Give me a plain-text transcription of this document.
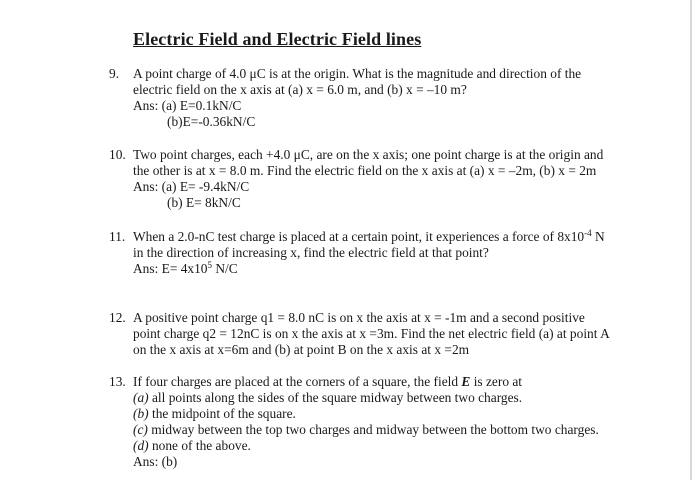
Electric Field and Electric Field lines
9. A point charge of 4.0 μC is at the origin. What is the magnitude and direction of the
electric field on the x axis at (a) x = 6.0 m, and (b) x = –10 m?
Ans: (a) E=0.1kN/C
(b)E=-0.36kN/C
10. Two point charges, each +4.0 μC, are on the x axis; one point charge is at the origin and
the other is at x = 8.0 m. Find the electric field on the x axis at (a) x = –2m, (b) x = 2m
Ans: (a) E= -9.4kN/C
(b) E= 8kN/C
11. When a 2.0-nC test charge is placed at a certain point, it experiences a force of $8x10^{-4}$ N
in the direction of increasing x, find the electric field at that point?
Ans: $E= 4x10^5$ N/C
12. A positive point charge q1 = 8.0 nC is on x the axis at x = -1m and a second positive
point charge q2 = 12nC is on x the axis at x =3m. Find the net electric field (a) at point A
on the x axis at x=6m and (b) at point B on the x axis at x =2m
13. If four charges are placed at the corners of a square, the field E is zero at
(a) all points along the sides of the square midway between two charges.
(b) the midpoint of the square.
(c) midway between the top two charges and midway between the bottom two charges.
(d) none of the above.
Ans: (b)
